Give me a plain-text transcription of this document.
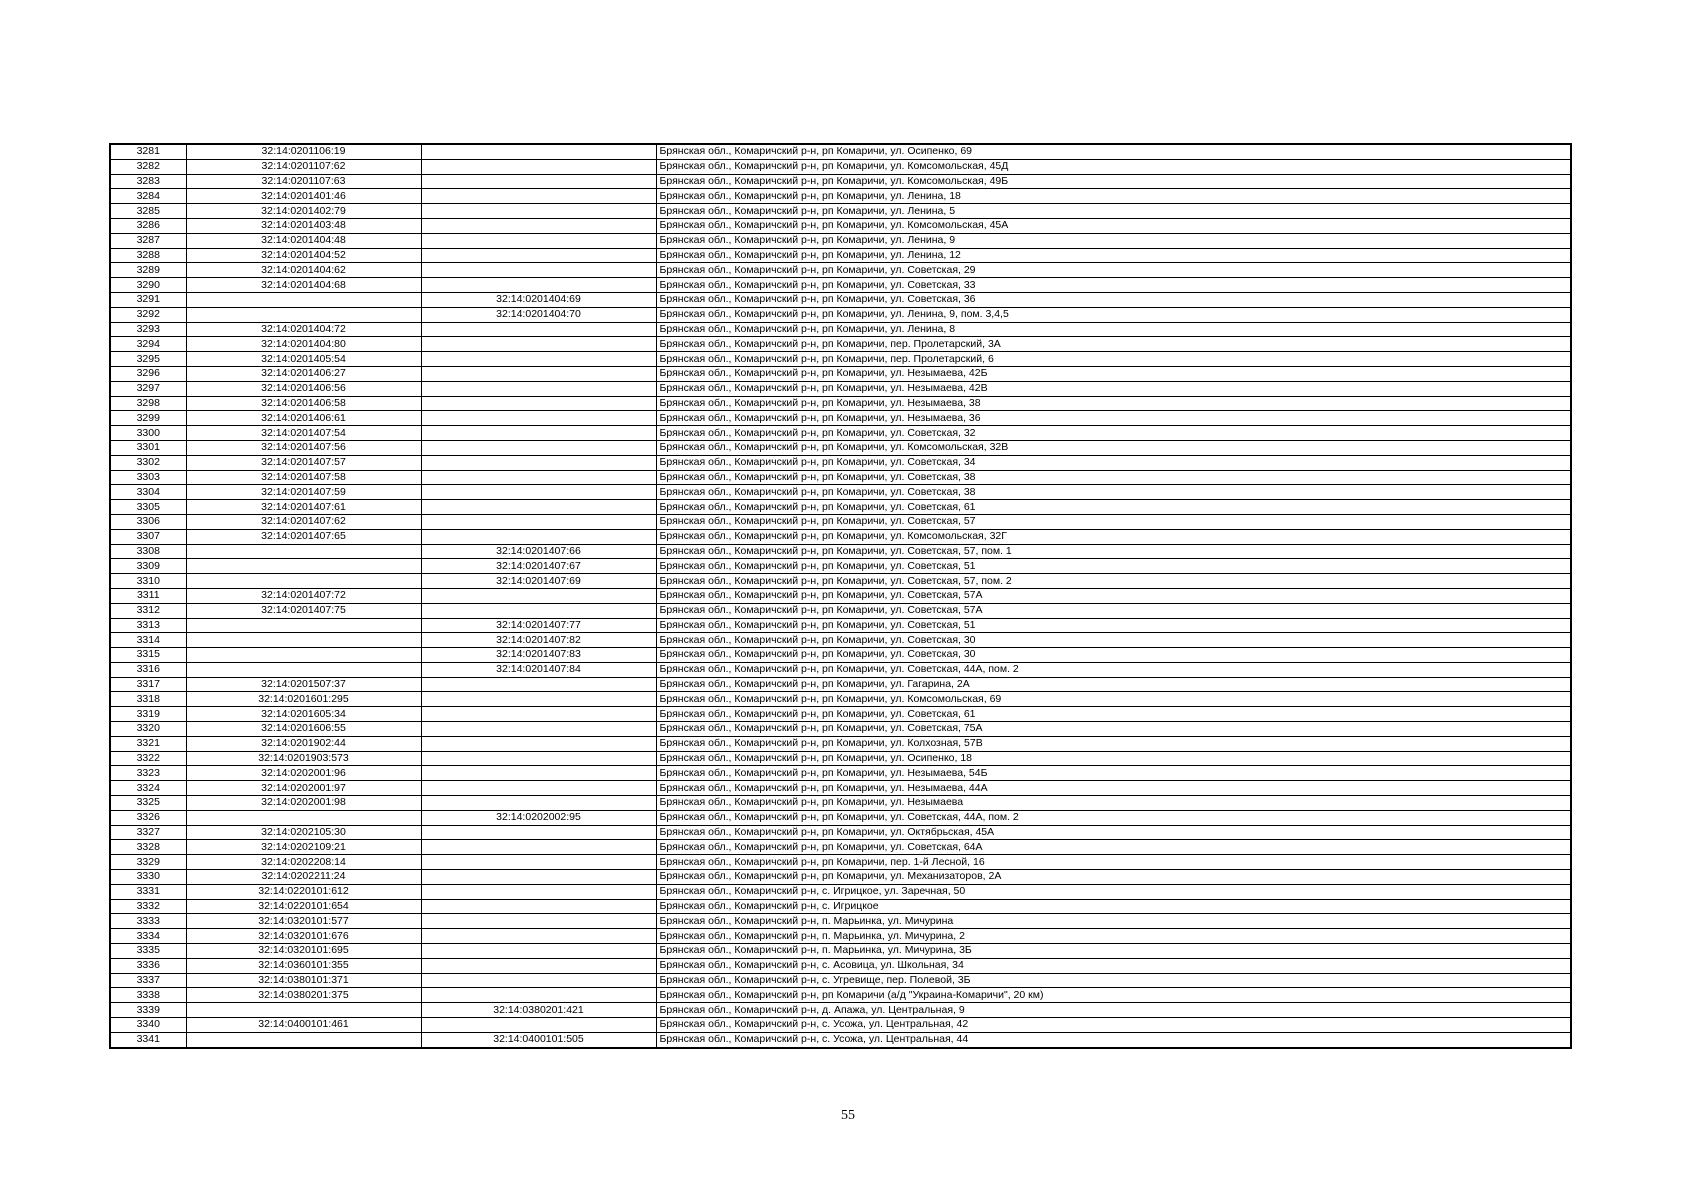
3281	32:14:0201106:19		Брянская обл., Комаричский р-н, рп Комаричи, ул. Осипенко, 69
3282	32:14:0201107:62		Брянская обл., Комаричский р-н, рп Комаричи, ул. Комсомольская, 45Д
3283	32:14:0201107:63		Брянская обл., Комаричский р-н, рп Комаричи, ул. Комсомольская, 49Б
3284	32:14:0201401:46		Брянская обл., Комаричский р-н, рп Комаричи, ул. Ленина, 18
3285	32:14:0201402:79		Брянская обл., Комаричский р-н, рп Комаричи, ул. Ленина, 5
3286	32:14:0201403:48		Брянская обл., Комаричский р-н, рп Комаричи, ул. Комсомольская, 45А
3287	32:14:0201404:48		Брянская обл., Комаричский р-н, рп Комаричи, ул. Ленина, 9
3288	32:14:0201404:52		Брянская обл., Комаричский р-н, рп Комаричи, ул. Ленина, 12
3289	32:14:0201404:62		Брянская обл., Комаричский р-н, рп Комаричи, ул. Советская, 29
3290	32:14:0201404:68		Брянская обл., Комаричский р-н, рп Комаричи, ул. Советская, 33
3291		32:14:0201404:69	Брянская обл., Комаричский р-н, рп Комаричи, ул. Советская, 36
3292		32:14:0201404:70	Брянская обл., Комаричский р-н, рп Комаричи, ул. Ленина, 9, пом. 3,4,5
3293	32:14:0201404:72		Брянская обл., Комаричский р-н, рп Комаричи, ул. Ленина, 8
3294	32:14:0201404:80		Брянская обл., Комаричский р-н, рп Комаричи, пер. Пролетарский, 3А
3295	32:14:0201405:54		Брянская обл., Комаричский р-н, рп Комаричи, пер. Пролетарский, 6
3296	32:14:0201406:27		Брянская обл., Комаричский р-н, рп Комаричи, ул. Незымаева, 42Б
3297	32:14:0201406:56		Брянская обл., Комаричский р-н, рп Комаричи, ул. Незымаева, 42В
3298	32:14:0201406:58		Брянская обл., Комаричский р-н, рп Комаричи, ул. Незымаева, 38
3299	32:14:0201406:61		Брянская обл., Комаричский р-н, рп Комаричи, ул. Незымаева, 36
3300	32:14:0201407:54		Брянская обл., Комаричский р-н, рп Комаричи, ул. Советская, 32
3301	32:14:0201407:56		Брянская обл., Комаричский р-н, рп Комаричи, ул. Комсомольская, 32В
3302	32:14:0201407:57		Брянская обл., Комаричский р-н, рп Комаричи, ул. Советская, 34
3303	32:14:0201407:58		Брянская обл., Комаричский р-н, рп Комаричи, ул. Советская, 38
3304	32:14:0201407:59		Брянская обл., Комаричский р-н, рп Комаричи, ул. Советская, 38
3305	32:14:0201407:61		Брянская обл., Комаричский р-н, рп Комаричи, ул. Советская, 61
3306	32:14:0201407:62		Брянская обл., Комаричский р-н, рп Комаричи, ул. Советская, 57
3307	32:14:0201407:65		Брянская обл., Комаричский р-н, рп Комаричи, ул. Комсомольская, 32Г
3308		32:14:0201407:66	Брянская обл., Комаричский р-н, рп Комаричи, ул. Советская, 57, пом. 1
3309		32:14:0201407:67	Брянская обл., Комаричский р-н, рп Комаричи, ул. Советская, 51
3310		32:14:0201407:69	Брянская обл., Комаричский р-н, рп Комаричи, ул. Советская, 57, пом. 2
3311	32:14:0201407:72		Брянская обл., Комаричский р-н, рп Комаричи, ул. Советская, 57А
3312	32:14:0201407:75		Брянская обл., Комаричский р-н, рп Комаричи, ул. Советская, 57А
3313		32:14:0201407:77	Брянская обл., Комаричский р-н, рп Комаричи, ул. Советская, 51
3314		32:14:0201407:82	Брянская обл., Комаричский р-н, рп Комаричи, ул. Советская, 30
3315		32:14:0201407:83	Брянская обл., Комаричский р-н, рп Комаричи, ул. Советская, 30
3316		32:14:0201407:84	Брянская обл., Комаричский р-н, рп Комаричи, ул. Советская, 44А, пом. 2
3317	32:14:0201507:37		Брянская обл., Комаричский р-н, рп Комаричи, ул. Гагарина, 2А
3318	32:14:0201601:295		Брянская обл., Комаричский р-н, рп Комаричи, ул. Комсомольская, 69
3319	32:14:0201605:34		Брянская обл., Комаричский р-н, рп Комаричи, ул. Советская, 61
3320	32:14:0201606:55		Брянская обл., Комаричский р-н, рп Комаричи, ул. Советская, 75А
3321	32:14:0201902:44		Брянская обл., Комаричский р-н, рп Комаричи, ул. Колхозная, 57В
3322	32:14:0201903:573		Брянская обл., Комаричский р-н, рп Комаричи, ул. Осипенко, 18
3323	32:14:0202001:96		Брянская обл., Комаричский р-н, рп Комаричи, ул. Незымаева, 54Б
3324	32:14:0202001:97		Брянская обл., Комаричский р-н, рп Комаричи, ул. Незымаева, 44А
3325	32:14:0202001:98		Брянская обл., Комаричский р-н, рп Комаричи, ул. Незымаева
3326		32:14:0202002:95	Брянская обл., Комаричский р-н, рп Комаричи, ул. Советская, 44А, пом. 2
3327	32:14:0202105:30		Брянская обл., Комаричский р-н, рп Комаричи, ул. Октябрьская, 45А
3328	32:14:0202109:21		Брянская обл., Комаричский р-н, рп Комаричи, ул. Советская, 64А
3329	32:14:0202208:14		Брянская обл., Комаричский р-н, рп Комаричи, пер. 1-й Лесной, 16
3330	32:14:0202211:24		Брянская обл., Комаричский р-н, рп Комаричи, ул. Механизаторов, 2А
3331	32:14:0220101:612		Брянская обл., Комаричский р-н, с. Игрицкое, ул. Заречная, 50
3332	32:14:0220101:654		Брянская обл., Комаричский р-н, с. Игрицкое
3333	32:14:0320101:577		Брянская обл., Комаричский р-н, п. Марьинка, ул. Мичурина
3334	32:14:0320101:676		Брянская обл., Комаричский р-н, п. Марьинка, ул. Мичурина, 2
3335	32:14:0320101:695		Брянская обл., Комаричский р-н, п. Марьинка, ул. Мичурина, 3Б
3336	32:14:0360101:355		Брянская обл., Комаричский р-н, с. Асовица, ул. Школьная, 34
3337	32:14:0380101:371		Брянская обл., Комаричский р-н, с. Угревище, пер. Полевой, 3Б
3338	32:14:0380201:375		Брянская обл., Комаричский р-н, рп Комаричи (а/д "Украина-Комаричи", 20 км)
3339		32:14:0380201:421	Брянская обл., Комаричский р-н, д. Апажа, ул. Центральная, 9
3340	32:14:0400101:461		Брянская обл., Комаричский р-н, с. Усожа, ул. Центральная, 42
3341		32:14:0400101:505	Брянская обл., Комаричский р-н, с. Усожа, ул. Центральная, 44
55
